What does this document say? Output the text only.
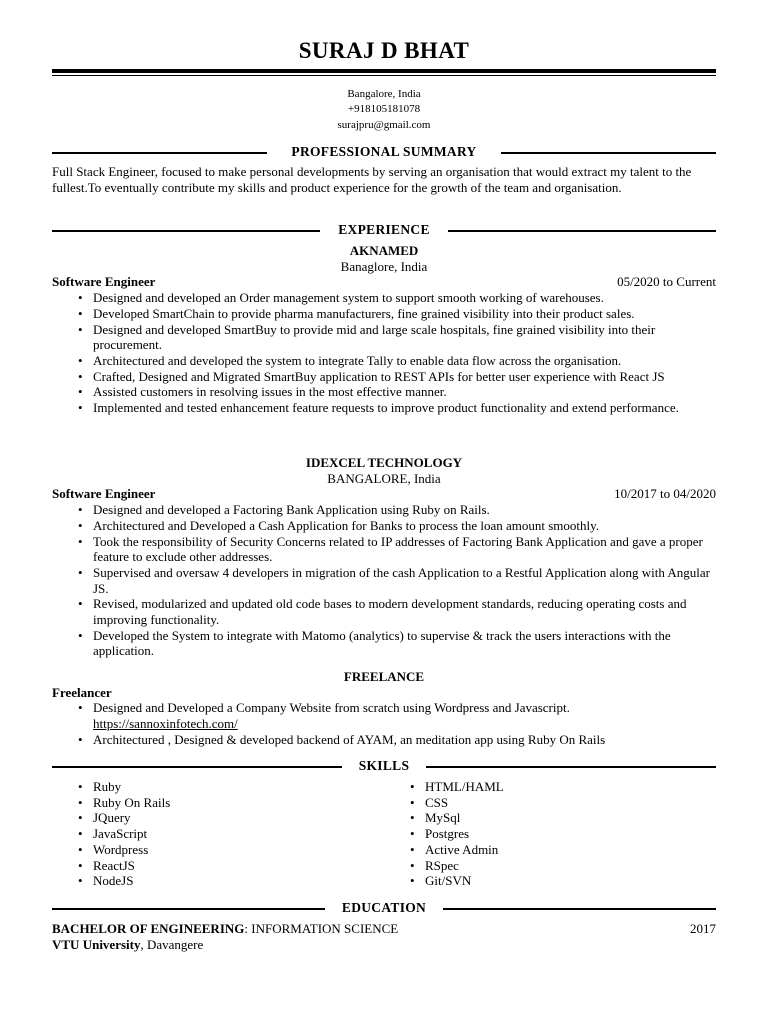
SURAJ D BHAT
Bangalore, India
+918105181078
surajpru@gmail.com
PROFESSIONAL SUMMARY
Full Stack Engineer, focused to make personal developments by serving an organisation that would extract my talent to the fullest.To eventually contribute my skills and product experience for the growth of the team and organisation.
EXPERIENCE
AKNAMED
Banaglore, India
Software Engineer	05/2020 to Current
• Designed and developed an Order management system to support smooth working of warehouses.
• Developed SmartChain to provide pharma manufacturers, fine grained visibility into their product sales.
• Designed and developed SmartBuy to provide mid and large scale hospitals, fine grained visibility into their procurement.
• Architectured and developed the system to integrate Tally to enable data flow across the organisation.
• Crafted, Designed and Migrated SmartBuy application to REST APIs for better user experience with React JS
• Assisted customers in resolving issues in the most effective manner.
• Implemented and tested enhancement feature requests to improve product functionality and extend performance.
IDEXCEL TECHNOLOGY
BANGALORE, India
Software Engineer	10/2017 to 04/2020
• Designed and developed a Factoring Bank Application using Ruby on Rails.
• Architectured and Developed a Cash Application for Banks to process the loan amount smoothly.
• Took the responsibility of Security Concerns related to IP addresses of Factoring Bank Application and gave a proper feature to exclude other addresses.
• Supervised and oversaw 4 developers in migration of the cash Application to a Restful Application along with Angular JS.
• Revised, modularized and updated old code bases to modern development standards, reducing operating costs and improving functionality.
• Developed the System to integrate with Matomo (analytics) to supervise & track the users interactions with the application.
FREELANCE
Freelancer
• Designed and Developed a Company Website from scratch using Wordpress and Javascript.
https://sannoxinfotech.com/
• Architectured , Designed & developed backend of AYAM, an meditation app using Ruby On Rails
SKILLS
• Ruby
• Ruby On Rails
• JQuery
• JavaScript
• Wordpress
• ReactJS
• NodeJS
• HTML/HAML
• CSS
• MySql
• Postgres
• Active Admin
• RSpec
• Git/SVN
EDUCATION
BACHELOR OF ENGINEERING: INFORMATION SCIENCE	2017
VTU University, Davangere
